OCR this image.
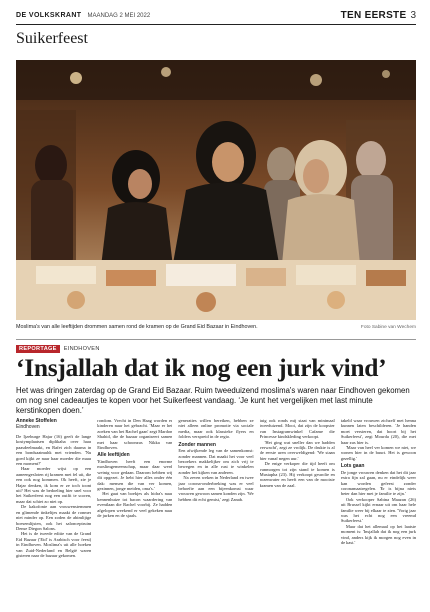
DE VOLKSKRANT MAANDAG 2 MEI 2022	TEN EERSTE 3
Suikerfeest
Moslima's van alle leeftijden drommen samen rond de kramen op de Grand Eid Bazaar in Eindhoven.	Foto Sabine van Wechem
REPORTAGE	EINDHOVEN
‘Insjallah dat ik nog een jurk vind’
Het was dringen zaterdag op de Grand Eid Bazaar. Ruim tweeduizend moslima's waren naar Eindhoven gekomen om nog snel cadeautjes te kopen voor het Suikerfeest vandaag. ‘Je kunt het vergelijken met last minute kerstinkopen doen.’
Anneke Stoffelen
Eindhoven

De Ijzeburge Hajar (16) geeft de lange kostymplaatsen diplikaha over haar paasdeelmaakt, en Rafet zich daarna in een bondsaatmuhk met vrienden. 'Nu goed kijkt ze naar haar moeder die maar een moment?'

Haar moeder wijst op een aaneengesloten rij kramen met fel uit, die een ook nog kommen. Ok heeft, zie je Hajar denken, ik kom er ze toch toont uit? Het was de bedoeling hier snel voor het Suikerfeest nog een outfit te scoren, maar dat schiet zo niet op.

De kakofonie aan vrouwenstemmen en glimende tinkeltjes maakt de ronmer niet minder op. Een zoden de abimlijige boesemlijsten, ook het salonceptruim Dense Diegon Salons.

Het is de tweede editie van de Grand Eid Bazaar ('Eid' is Arabisch voor feest) in Eindhoven. Moslima's uit alle hoeken van Zuid-Nederland en België waren gisteren naar de bazaar gekomen.

rondom. Vrecht in Den Haag worden er kinderen naar het gebracht. 'Maar er het zoeken van het Rachel gaan' zegt Mardon Shahid, die de bazaar organiseert samen met haar schoonzus Nikka van Eindhoven.

Alle leeftijden

'Eindhoven heeft een enorme moslimgemeenschap, maar daar werd weinig voor gedaan. Daarom hebben wij dit opgezet. Je hebt hier alles onder één dak: mensen die van ver komen, gezinnen, jonge meiden, oma's.'

Het gaat van boekjes als hidra's naar kennenhuize tot bacon waardering van eventlaan die Rachel voorbij. Ze hadden afgelopen weekend er veel gekeken naar de jurken en de sjaals.

generaties willen bereiken, hebben ze niet alleen online promotie via sociale media, maar ook klassieke flyers en folders verspreid in de regio.

Zonder mannen

Een afwijkende leg van de samenkomst: zonder mannen. Dat maakt het voor veel bezoekers makkelijker om zich vrij te bewegen en in alle rust te winkelen zonder het kijken van anderen.

Na zeven weken in Nederland en twee jaar corona-onderbreking was er veel behoefte aan een bijeenkomst waar vrouwen gewoon samen konden zijn. 'We hebben dit echt gemist,' zegt Zanab.

tuig ook ronds mij staat van minimaal tweeduizend. Mooi, dat zijn de koopster van Instagramwinkel Cafame die Princesse kindskleding verkoopt.

'Het ging wat sneller dan we hadden verwacht', zegt ze vrolijk. De drukte is al de eerste uren overweldigend: 'We staan hier vanaf negen uur.'

De enige verkoper die tijd heeft om vanmorgen tot zijn stand te komen is Mustapha (23). Hij verkoopt geurolie en rozenwater en heeft een van de mooiste kramen van de zaal.

takeld waar vrouwen zichzelf met henna kunnen laten beschilderen. 'Je handen moet versieren, dat hoort bij het Suikerfeest', zegt Mourda (20), die met haar zus hier is.

'Maar van heel ver komen we niet, we wonen hier in de buurt. Het is gewoon gezellig.'

Lots gaan

De jonge vrouwen denken dat het dit jaar extra fijn zal gaan, nu er eindelijk weer kan worden gefeest zonder coronamaatregelen. 'Er is bijna niets beter dan hier met je familie te zijn.'

Ook verkooper Sabina Maazan (26) uit Brussel kijkt ernaar uit om haar hele familie weer bij elkaar te zien. 'Vorig jaar was het echt nog een vreemd Suikerfeest.'

Maar dat het allemaal op het laatste moment is: 'Insjallah dat ik nog een jurk vind, anders kijk ik morgen nog even in de kast.'
